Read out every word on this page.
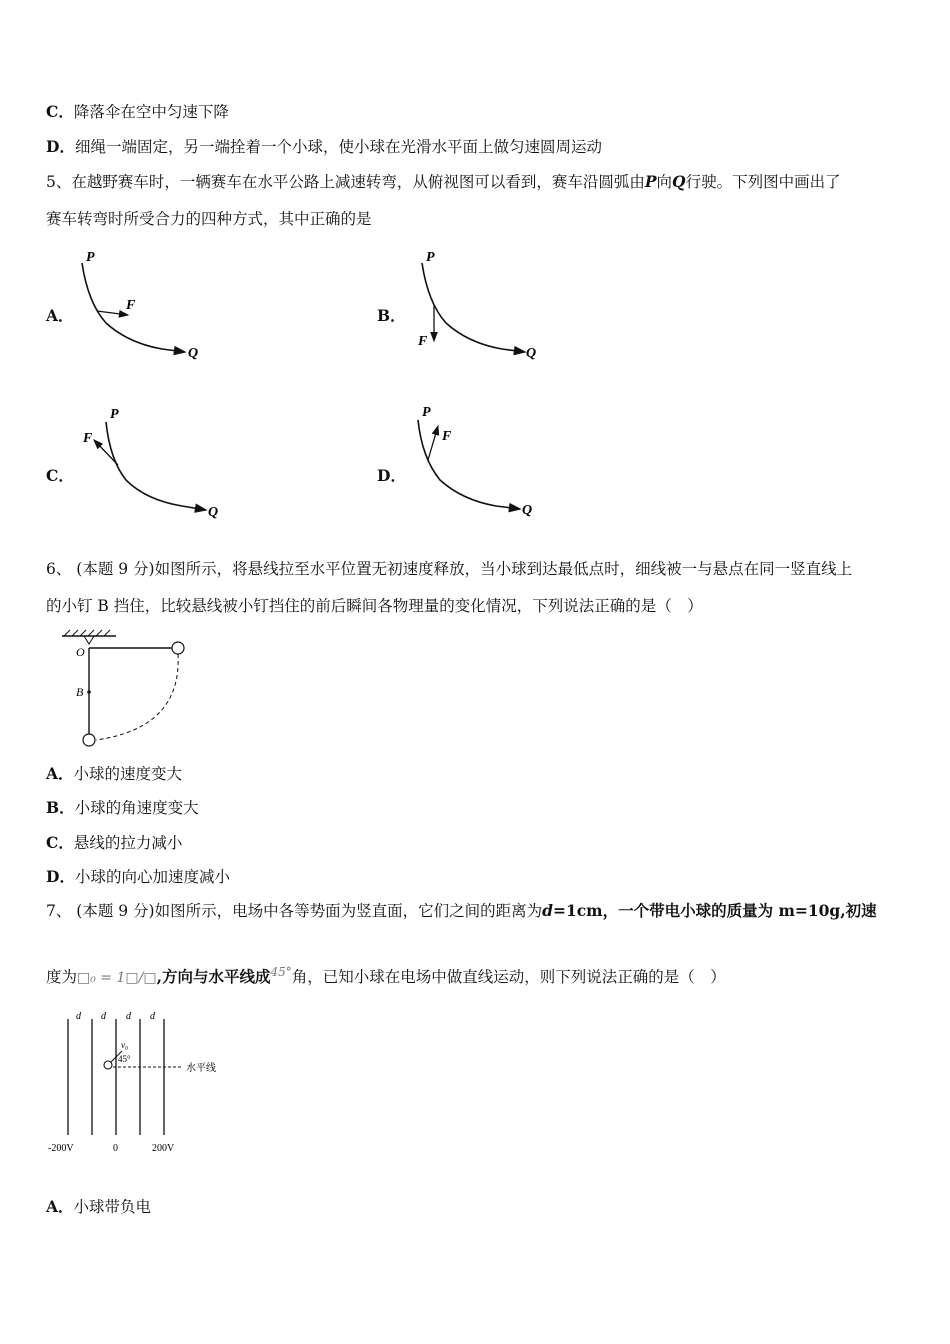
C．降落伞在空中匀速下降
D．细绳一端固定，另一端拴着一个小球，使小球在光滑水平面上做匀速圆周运动
5、在越野赛车时，一辆赛车在水平公路上减速转弯，从俯视图可以看到，赛车沿圆弧由P向Q行驶。下列图中画出了
赛车转弯时所受合力的四种方式，其中正确的是
A．	B．
C．	D．
P
F
Q
P
F
Q
P
F
Q
P
F
Q
6、 (本题 9 分)如图所示，将悬线拉至水平位置无初速度释放，当小球到达最低点时，细线被一与悬点在同一竖直线上
的小钉 B 挡住，比较悬线被小钉挡住的前后瞬间各物理量的变化情况，下列说法正确的是（　）
O
B
A．小球的速度变大
B．小球的角速度变大
C．悬线的拉力减小
D．小球的向心加速度减小
7、 (本题 9 分)如图所示，电场中各等势面为竖直面，它们之间的距离为d=1cm，一个带电小球的质量为 m=10g,初速
度为□₀ = 1□/□,方向与水平线成$^{45^\circ}$角，已知小球在电场中做直线运动，则下列说法正确的是（　）
d d d d
v₀
45°
水平线
-200V	0	200V
A．小球带负电
